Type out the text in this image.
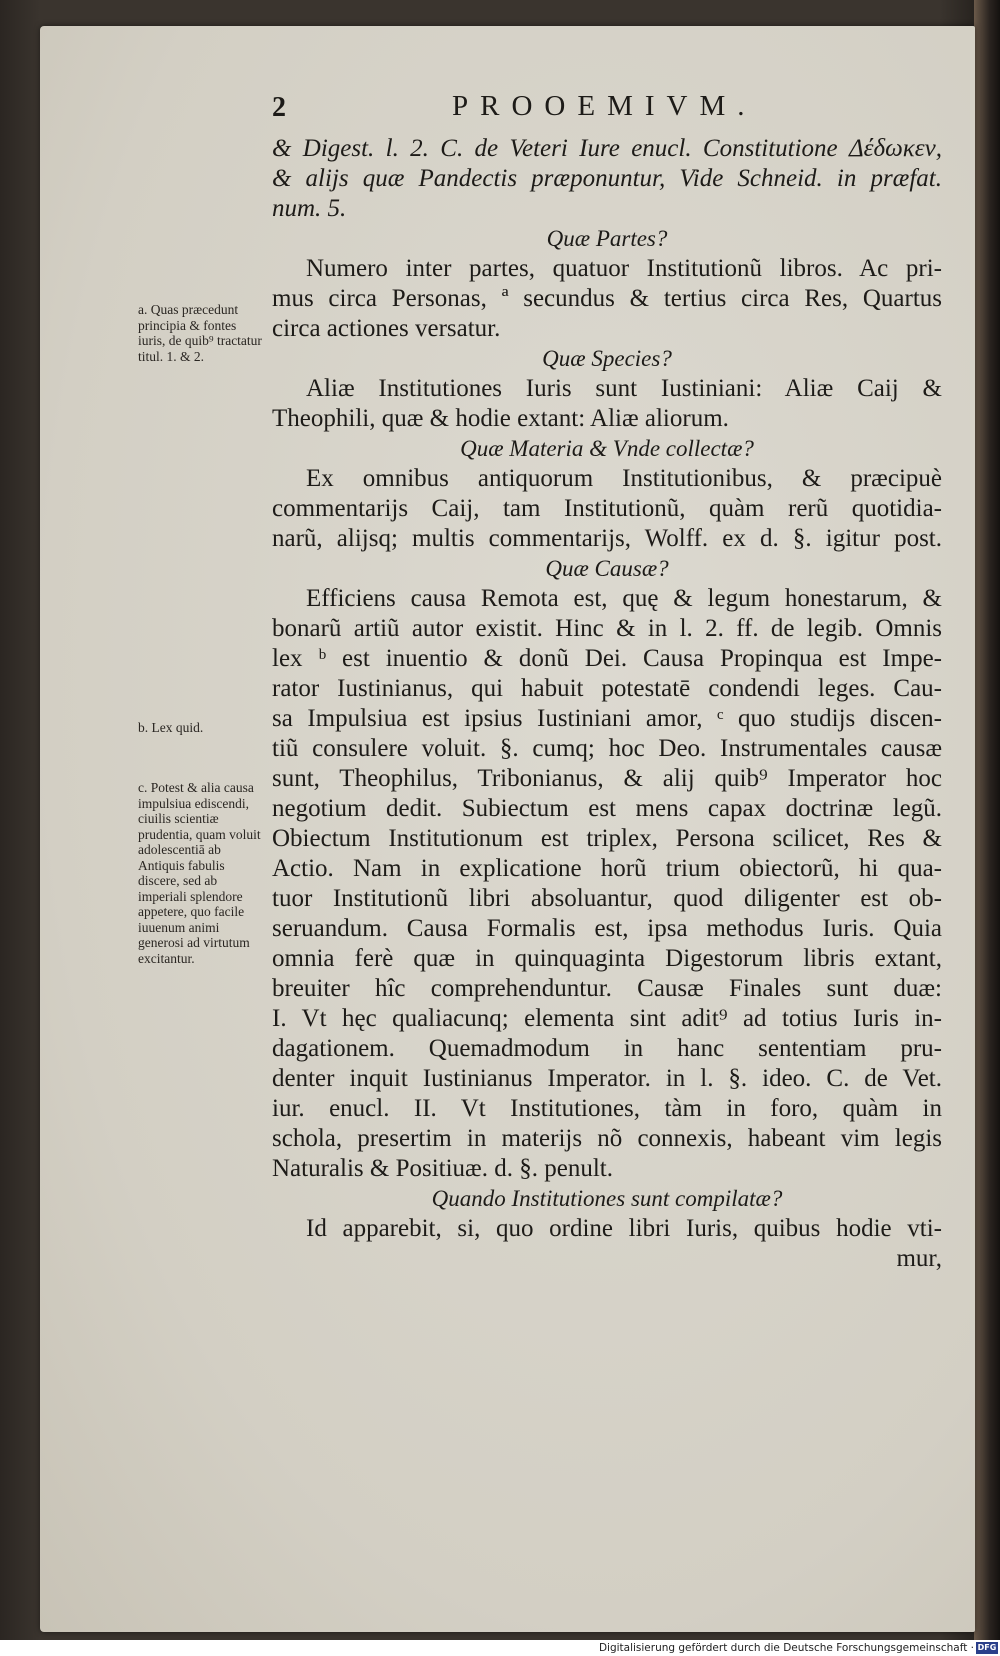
2	PROOEMIVM.
& Digest. l. 2. C. de Veteri Iure enucl. Constitutione Δέδωκεν,
& alijs quæ Pandectis præponuntur, Vide Schneid. in præfat.
num. 5.
Quæ Partes?
Numero inter partes, quatuor Institutionũ libros. Ac pri-
mus circa Personas, ª secundus & tertius circa Res, Quartus
circa actiones versatur.
Quæ Species?
Aliæ Institutiones Iuris sunt Iustiniani: Aliæ Caij &
Theophili, quæ & hodie extant: Aliæ aliorum.
Quæ Materia & Vnde collectæ?
Ex omnibus antiquorum Institutionibus, & præcipuè
commentarijs Caij, tam Institutionũ, quàm rerũ quotidia-
narũ, alijsq; multis commentarijs, Wolff. ex d. §. igitur post.
Quæ Causæ?
Efficiens causa Remota est, quę & legum honestarum, &
bonarũ artiũ autor existit. Hinc & in l. 2. ff. de legib. Omnis
lex ᵇ est inuentio & donũ Dei. Causa Propinqua est Impe-
rator Iustinianus, qui habuit potestatē condendi leges. Cau-
sa Impulsiua est ipsius Iustiniani amor, ᶜ quo studijs discen-
tiũ consulere voluit. §. cumq; hoc Deo. Instrumentales causæ
sunt, Theophilus, Tribonianus, & alij quib⁹ Imperator hoc
negotium dedit. Subiectum est mens capax doctrinæ legũ.
Obiectum Institutionum est triplex, Persona scilicet, Res &
Actio. Nam in explicatione horũ trium obiectorũ, hi qua-
tuor Institutionũ libri absoluantur, quod diligenter est ob-
seruandum. Causa Formalis est, ipsa methodus Iuris. Quia
omnia ferè quæ in quinquaginta Digestorum libris extant,
breuiter hîc comprehenduntur. Causæ Finales sunt duæ:
I. Vt hęc qualiacunq; elementa sint adit⁹ ad totius Iuris in-
dagationem. Quemadmodum in hanc sententiam pru-
denter inquit Iustinianus Imperator. in l. §. ideo. C. de Vet.
iur. enucl. II. Vt Institutiones, tàm in foro, quàm in
schola, presertim in materijs nõ connexis, habeant vim legis
Naturalis & Positiuæ. d. §. penult.
Quando Institutiones sunt compilatæ?
Id apparebit, si, quo ordine libri Iuris, quibus hodie vti-
mur,
a. Quas præcedunt principia & fontes iuris, de quib⁹ tractatur titul. 1. & 2.
b. Lex quid.
c. Potest & alia causa impulsiua ediscendi, ciuilis scientiæ prudentia, quam voluit adolescentiā ab Antiquis fabulis discere, sed ab imperiali splendore appetere, quo facile iuuenum animi generosi ad virtutum excitantur.
Digitalisierung gefördert durch die Deutsche Forschungsgemeinschaft · DFG
